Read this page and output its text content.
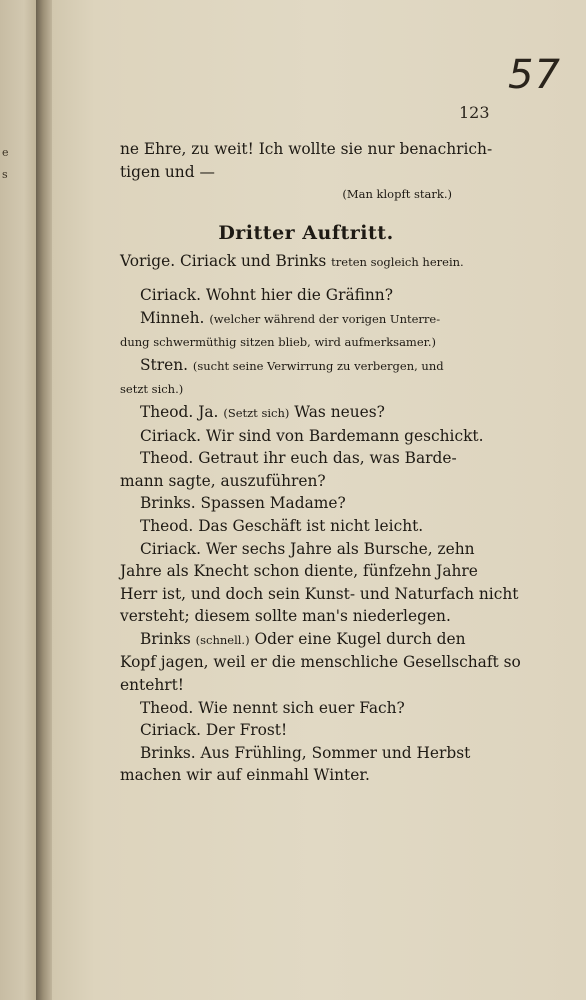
e
s
57
123
ne Ehre, zu weit! Ich wollte sie nur benachrich-
tigen und —
(Man klopft stark.)
Dritter Auftritt.
Vorige. Ciriack und Brinks treten sogleich herein.
Ciriack. Wohnt hier die Gräfinn?
Minneh. (welcher während der vorigen Unterre-
dung schwermüthig sitzen blieb, wird aufmerksamer.)
Stren. (sucht seine Verwirrung zu verbergen, und
setzt sich.)
Theod. Ja. (Setzt sich) Was neues?
Ciriack. Wir sind von Bardemann geschickt.
Theod. Getraut ihr euch das, was Barde-
mann sagte, auszuführen?
Brinks. Spassen Madame?
Theod. Das Geschäft ist nicht leicht.
Ciriack. Wer sechs Jahre als Bursche, zehn
Jahre als Knecht schon diente, fünfzehn Jahre
Herr ist, und doch sein Kunst- und Naturfach nicht
versteht; diesem sollte man's niederlegen.
Brinks (schnell.) Oder eine Kugel durch den
Kopf jagen, weil er die menschliche Gesellschaft so
entehrt!
Theod. Wie nennt sich euer Fach?
Ciriack. Der Frost!
Brinks. Aus Frühling, Sommer und Herbst
machen wir auf einmahl Winter.
